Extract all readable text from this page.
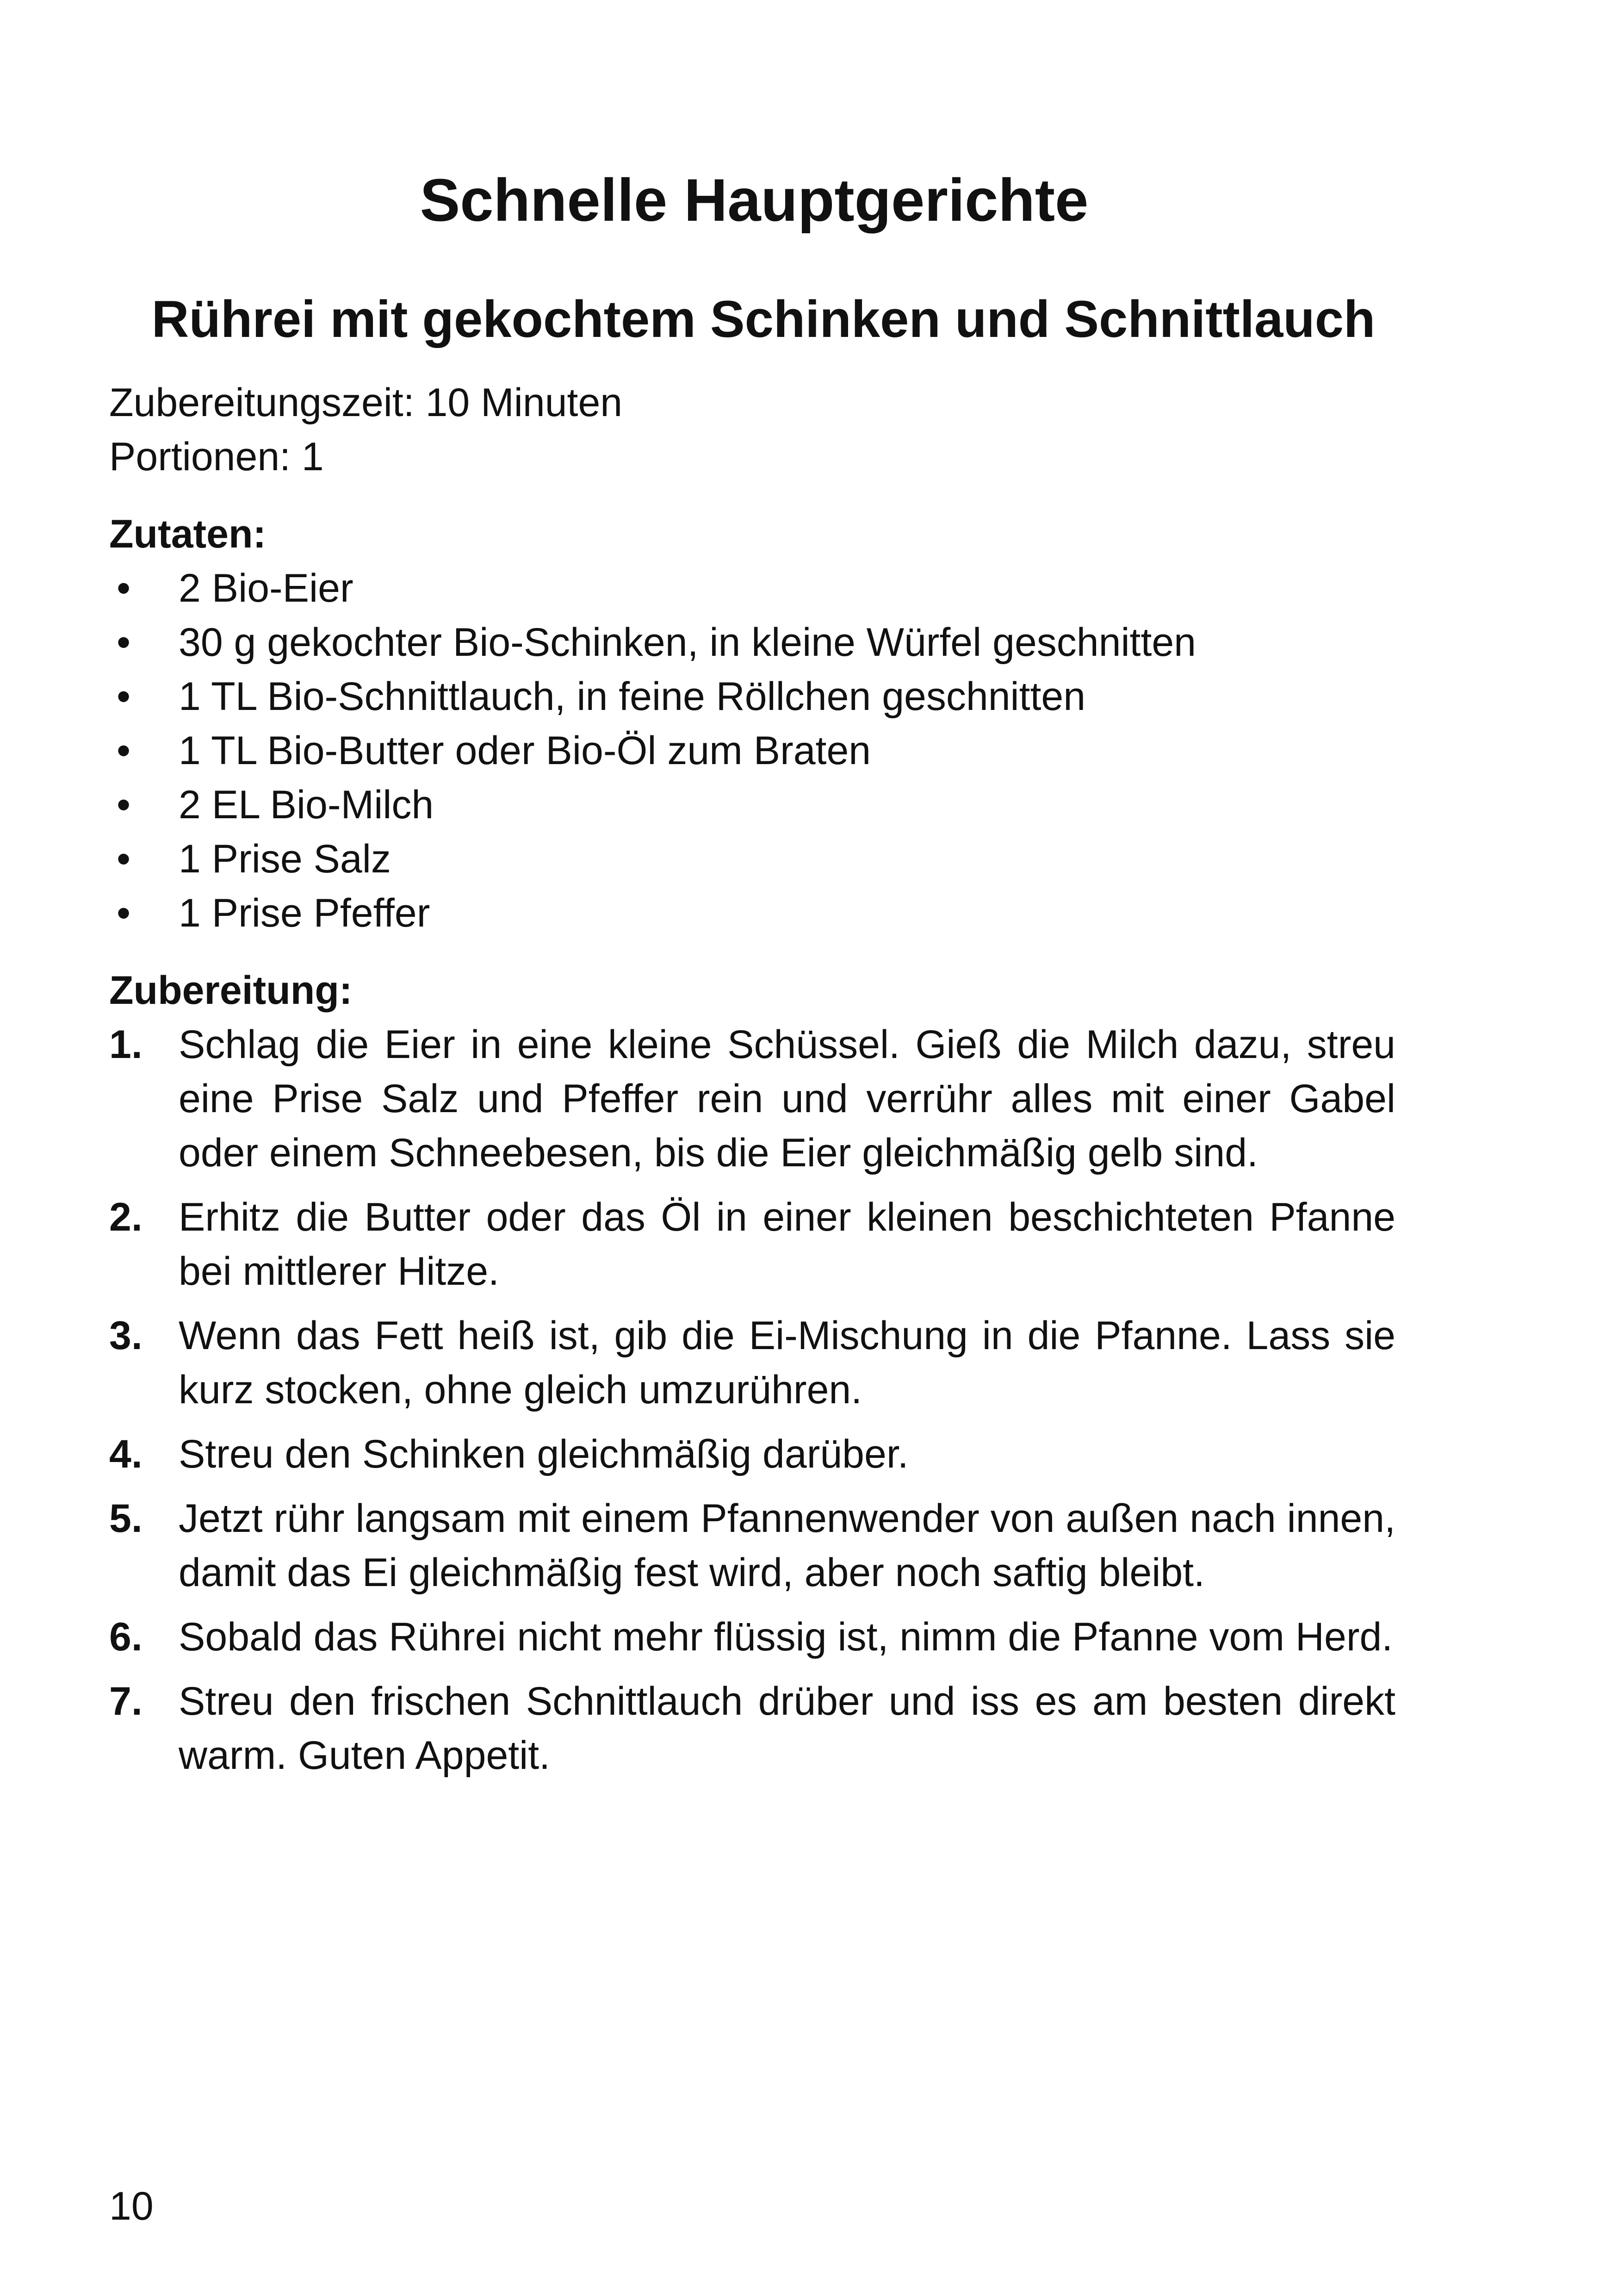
Schnelle Hauptgerichte
Rührei mit gekochtem Schinken und Schnittlauch

Zubereitungszeit: 10 Minuten

Portionen: 1

Zutaten:

• 2 Bio-Eier
• 30 g gekochter Bio-Schinken, in kleine Würfel geschnitten
• 1 TL Bio-Schnittlauch, in feine Röllchen geschnitten
• 1 TL Bio-Butter oder Bio-Öl zum Braten
• 2 EL Bio-Milch
• 1 Prise Salz
• 1 Prise Pfeffer

Zubereitung:

1. Schlag die Eier in eine kleine Schüssel. Gieß die Milch dazu, streu eine Prise Salz und Pfeffer rein und verrühr alles mit einer Gabel oder einem Schneebesen, bis die Eier gleichmäßig gelb sind.
2. Erhitz die Butter oder das Öl in einer kleinen beschichteten Pfanne bei mittlerer Hitze.
3. Wenn das Fett heiß ist, gib die Ei-Mischung in die Pfanne. Lass sie kurz stocken, ohne gleich umzurühren.
4. Streu den Schinken gleichmäßig darüber.
5. Jetzt rühr langsam mit einem Pfannenwender von außen nach innen, damit das Ei gleichmäßig fest wird, aber noch saftig bleibt.
6. Sobald das Rührei nicht mehr flüssig ist, nimm die Pfanne vom Herd.
7. Streu den frischen Schnittlauch drüber und iss es am besten direkt warm. Guten Appetit.

10
